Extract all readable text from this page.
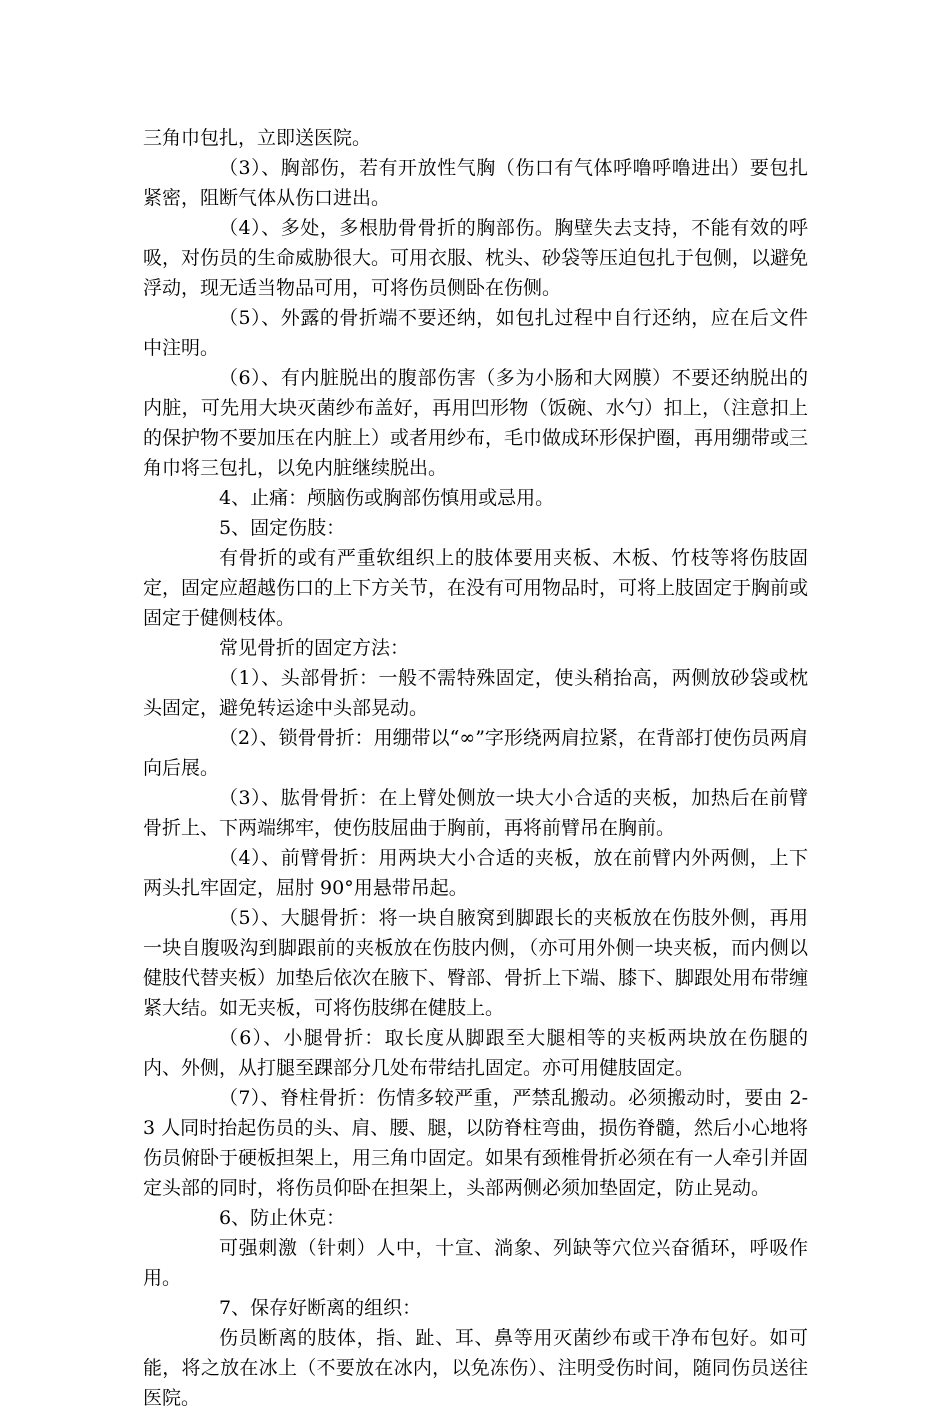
三角巾包扎，立即送医院。

（3）、胸部伤，若有开放性气胸（伤口有气体呼噜呼噜进出）要包扎紧密，阻断气体从伤口进出。

（4）、多处，多根肋骨骨折的胸部伤。胸壁失去支持，不能有效的呼吸，对伤员的生命威胁很大。可用衣服、枕头、砂袋等压迫包扎于包侧，以避免浮动，现无适当物品可用，可将伤员侧卧在伤侧。

（5）、外露的骨折端不要还纳，如包扎过程中自行还纳，应在后文件中注明。

（6）、有内脏脱出的腹部伤害（多为小肠和大网膜）不要还纳脱出的内脏，可先用大块灭菌纱布盖好，再用凹形物（饭碗、水勺）扣上，（注意扣上的保护物不要加压在内脏上）或者用纱布，毛巾做成环形保护圈，再用绷带或三角巾将三包扎，以免内脏继续脱出。

4、止痛：颅脑伤或胸部伤慎用或忌用。

5、固定伤肢：

有骨折的或有严重软组织上的肢体要用夹板、木板、竹枝等将伤肢固定，固定应超越伤口的上下方关节，在没有可用物品时，可将上肢固定于胸前或固定于健侧枝体。

常见骨折的固定方法：

（1）、头部骨折：一般不需特殊固定，使头稍抬高，两侧放砂袋或枕头固定，避免转运途中头部晃动。

（2）、锁骨骨折：用绷带以“∞”字形绕两肩拉紧，在背部打使伤员两肩向后展。

（3）、肱骨骨折：在上臂处侧放一块大小合适的夹板，加热后在前臂骨折上、下两端绑牢，使伤肢屈曲于胸前，再将前臂吊在胸前。

（4）、前臂骨折：用两块大小合适的夹板，放在前臂内外两侧，上下两头扎牢固定，屈肘 90°用悬带吊起。

（5）、大腿骨折：将一块自腋窝到脚跟长的夹板放在伤肢外侧，再用一块自腹吸沟到脚跟前的夹板放在伤肢内侧，（亦可用外侧一块夹板，而内侧以健肢代替夹板）加垫后依次在腋下、臀部、骨折上下端、膝下、脚跟处用布带缠紧大结。如无夹板，可将伤肢绑在健肢上。

（6）、小腿骨折：取长度从脚跟至大腿相等的夹板两块放在伤腿的内、外侧，从打腿至踝部分几处布带结扎固定。亦可用健肢固定。

（7）、脊柱骨折：伤情多较严重，严禁乱搬动。必须搬动时，要由 2-3 人同时抬起伤员的头、肩、腰、腿，以防脊柱弯曲，损伤脊髓，然后小心地将伤员俯卧于硬板担架上，用三角巾固定。如果有颈椎骨折必须在有一人牵引并固定头部的同时，将伤员仰卧在担架上，头部两侧必须加垫固定，防止晃动。

6、防止休克：

可强刺激（针刺）人中，十宣、淌象、列缺等穴位兴奋循环，呼吸作用。

7、保存好断离的组织：

伤员断离的肢体，指、趾、耳、鼻等用灭菌纱布或干净布包好。如可能，将之放在冰上（不要放在冰内，以免冻伤）、注明受伤时间，随同伤员送往医院。
